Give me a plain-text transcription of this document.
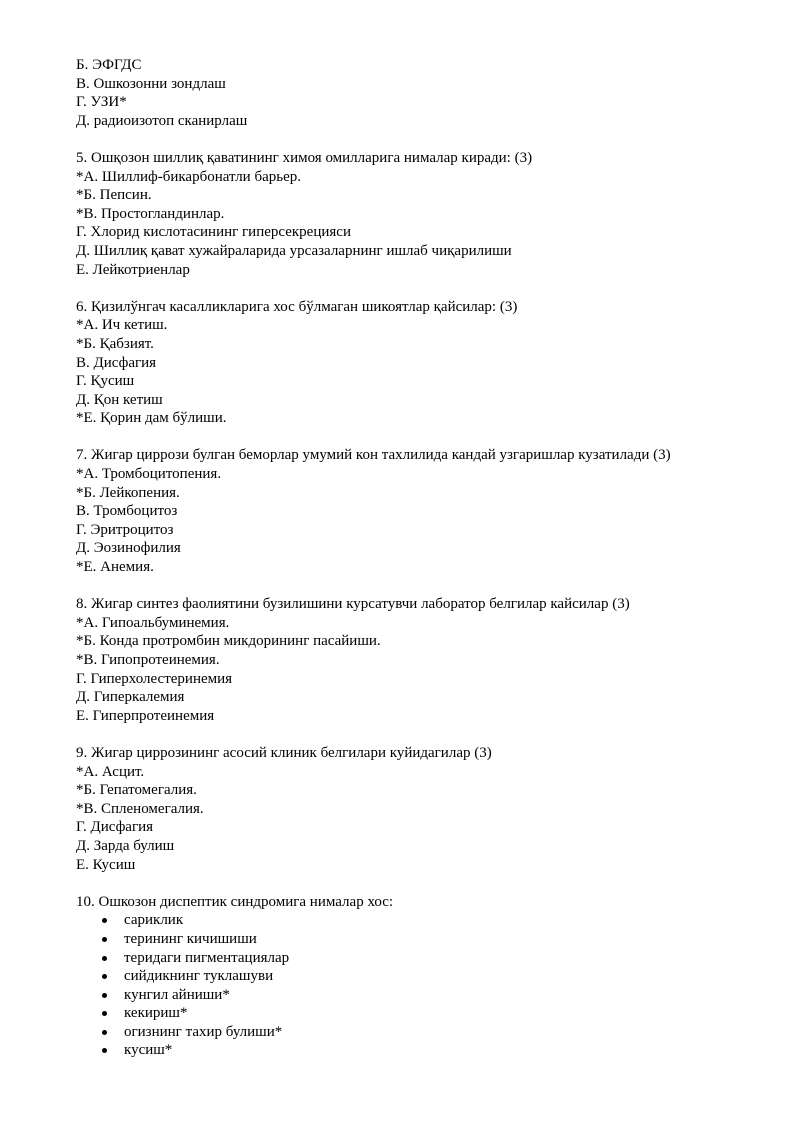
Б. ЭФГДС
В. Ошкозонни зондлаш
Г. УЗИ*
Д. радиоизотоп сканирлаш
5. Ошқозон шиллиқ қаватининг химоя омилларига нималар киради: (3)
*А. Шиллиф-бикарбонатли барьер.
*Б. Пепсин.
*В. Простогландинлар.
Г. Хлорид кислотасининг гиперсекрецияси
Д. Шиллиқ қават хужайраларида урсазаларнинг ишлаб чиқарилиши
Е. Лейкотриенлар
6. Қизилўнгач касалликларига хос бўлмаган шикоятлар қайсилар: (3)
*А. Ич кетиш.
*Б. Қабзият.
В. Дисфагия
Г. Қусиш
Д. Қон кетиш
*Е. Қорин дам бўлиши.
7. Жигар циррози булган беморлар умумий кон тахлилида кандай узгаришлар кузатилади (3)
*А. Тромбоцитопения.
*Б. Лейкопения.
В. Тромбоцитоз
Г. Эритроцитоз
Д. Эозинофилия
*Е. Анемия.
8. Жигар синтез фаолиятини бузилишини курсатувчи лаборатор белгилар кайсилар (3)
*А. Гипоальбуминемия.
*Б. Конда протромбин микдорининг пасайиши.
*В. Гипопротеинемия.
Г. Гиперхолестеринемия
Д. Гиперкалемия
Е. Гиперпротеинемия
9. Жигар циррозининг асосий клиник белгилари куйидагилар (3)
*А. Асцит.
*Б. Гепатомегалия.
*В. Спленомегалия.
Г. Дисфагия
Д. Зарда булиш
Е. Кусиш
10. Ошкозон диспептик синдромига нималар хос:
сариклик
терининг кичишиши
теридаги пигментациялар
сийдикнинг туклашуви
кунгил айниши*
кекириш*
огизнинг тахир булиши*
кусиш*
